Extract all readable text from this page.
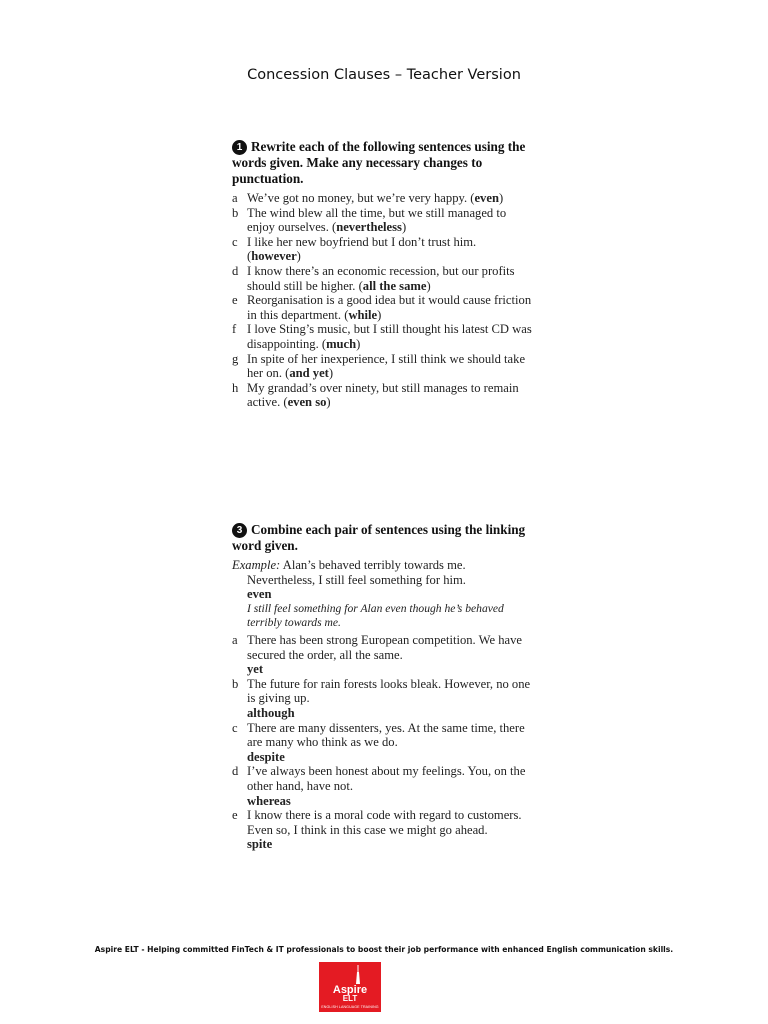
Concession Clauses – Teacher Version
1 Rewrite each of the following sentences using the words given. Make any necessary changes to punctuation.
a We’ve got no money, but we’re very happy. (even)
b The wind blew all the time, but we still managed to enjoy ourselves. (nevertheless)
c I like her new boyfriend but I don’t trust him. (however)
d I know there’s an economic recession, but our profits should still be higher. (all the same)
e Reorganisation is a good idea but it would cause friction in this department. (while)
f I love Sting’s music, but I still thought his latest CD was disappointing. (much)
g In spite of her inexperience, I still think we should take her on. (and yet)
h My grandad’s over ninety, but still manages to remain active. (even so)
3 Combine each pair of sentences using the linking word given.
Example: Alan’s behaved terribly towards me.
Nevertheless, I still feel something for him.
even
I still feel something for Alan even though he’s behaved terribly towards me.
a There has been strong European competition. We have secured the order, all the same.
yet
b The future for rain forests looks bleak. However, no one is giving up.
although
c There are many dissenters, yes. At the same time, there are many who think as we do.
despite
d I’ve always been honest about my feelings. You, on the other hand, have not.
whereas
e I know there is a moral code with regard to customers. Even so, I think in this case we might go ahead.
spite
Aspire ELT - Helping committed FinTech & IT professionals to boost their job performance with enhanced English communication skills.
Aspire
ELT
ENGLISH LANGUAGE TRAINING
